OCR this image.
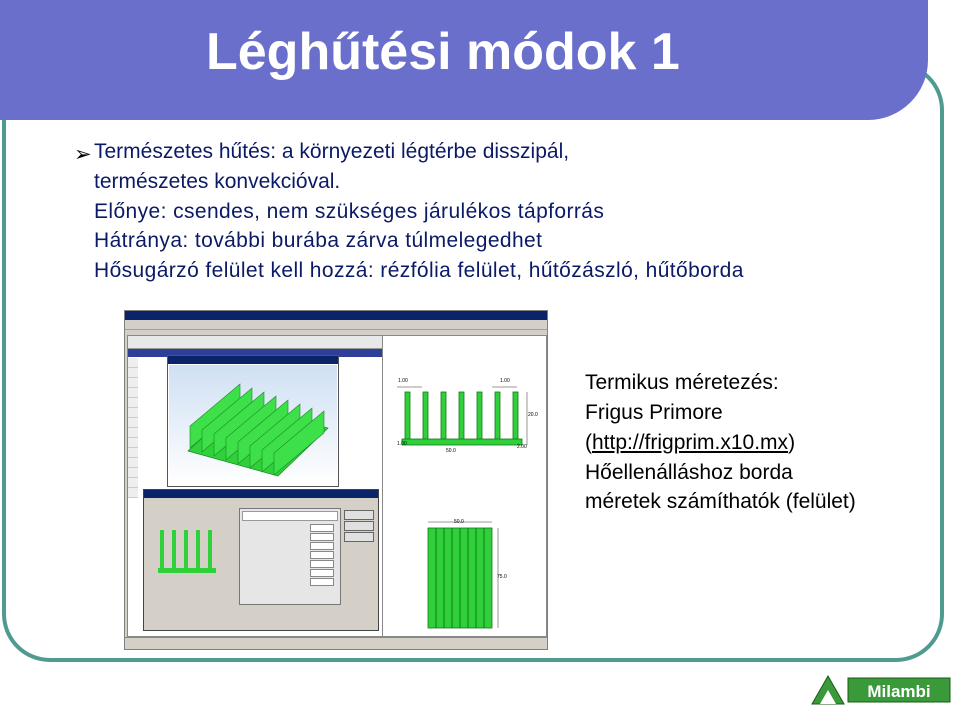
Léghűtési módok 1
➢ Természetes hűtés: a környezeti légtérbe disszipál,
természetes konvekcióval.
Előnye: csendes, nem szükséges járulékos tápforrás
Hátránya: további burába zárva túlmelegedhet
Hősugárzó felület kell hozzá: rézfólia felület, hűtőzászló, hűtőborda
1.00	1.00
20.0
1.00
50.0
2.00
50.0
75.0
Termikus méretezés:
Frigus Primore
(http://frigprim.x10.mx)
Hőellenálláshoz borda
méretek számíthatók (felület)
Milambi
